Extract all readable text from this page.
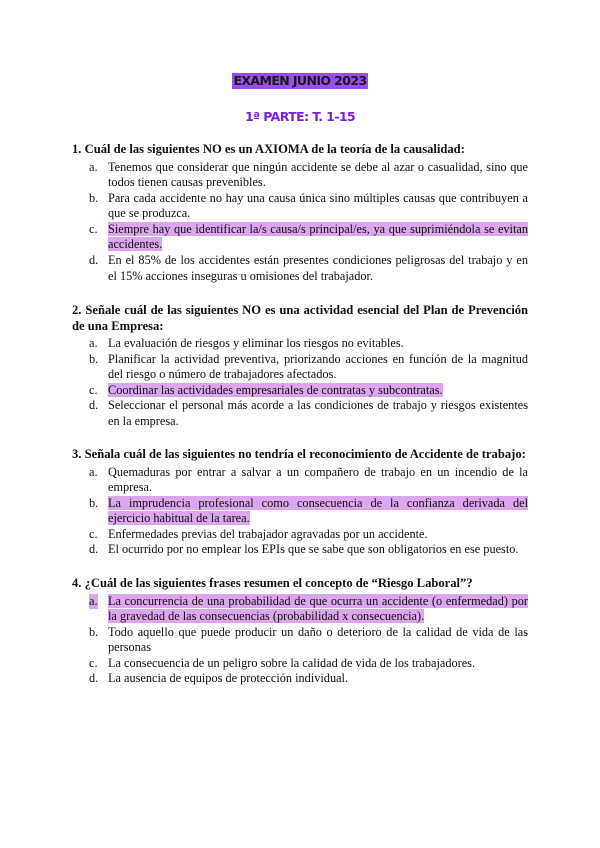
EXAMEN JUNIO 2023
1ª PARTE: T. 1-15

1. Cuál de las siguientes NO es un AXIOMA de la teoría de la causalidad:

a. Tenemos que considerar que ningún accidente se debe al azar o casualidad, sino que todos tienen causas prevenibles.
b. Para cada accidente no hay una causa única sino múltiples causas que contribuyen a que se produzca.
c. Siempre hay que identificar la/s causa/s principal/es, ya que suprimiéndola se evitan accidentes.
d. En el 85% de los accidentes están presentes condiciones peligrosas del trabajo y en el 15% acciones inseguras u omisiones del trabajador.

2. Señale cuál de las siguientes NO es una actividad esencial del Plan de Prevención de una Empresa:

a. La evaluación de riesgos y eliminar los riesgos no evitables.
b. Planificar la actividad preventiva, priorizando acciones en función de la magnitud del riesgo o número de trabajadores afectados.
c. Coordinar las actividades empresariales de contratas y subcontratas.
d. Seleccionar el personal más acorde a las condiciones de trabajo y riesgos existentes en la empresa.

3. Señala cuál de las siguientes no tendría el reconocimiento de Accidente de trabajo:

a. Quemaduras por entrar a salvar a un compañero de trabajo en un incendio de la empresa.
b. La imprudencia profesional como consecuencia de la confianza derivada del ejercicio habitual de la tarea.
c. Enfermedades previas del trabajador agravadas por un accidente.
d. El ocurrido por no emplear los EPIs que se sabe que son obligatorios en ese puesto.

4. ¿Cuál de las siguientes frases resumen el concepto de “Riesgo Laboral”?

a. La concurrencia de una probabilidad de que ocurra un accidente (o enfermedad) por la gravedad de las consecuencias (probabilidad x consecuencia).
b. Todo aquello que puede producir un daño o deterioro de la calidad de vida de las personas
c. La consecuencia de un peligro sobre la calidad de vida de los trabajadores.
d. La ausencia de equipos de protección individual.
